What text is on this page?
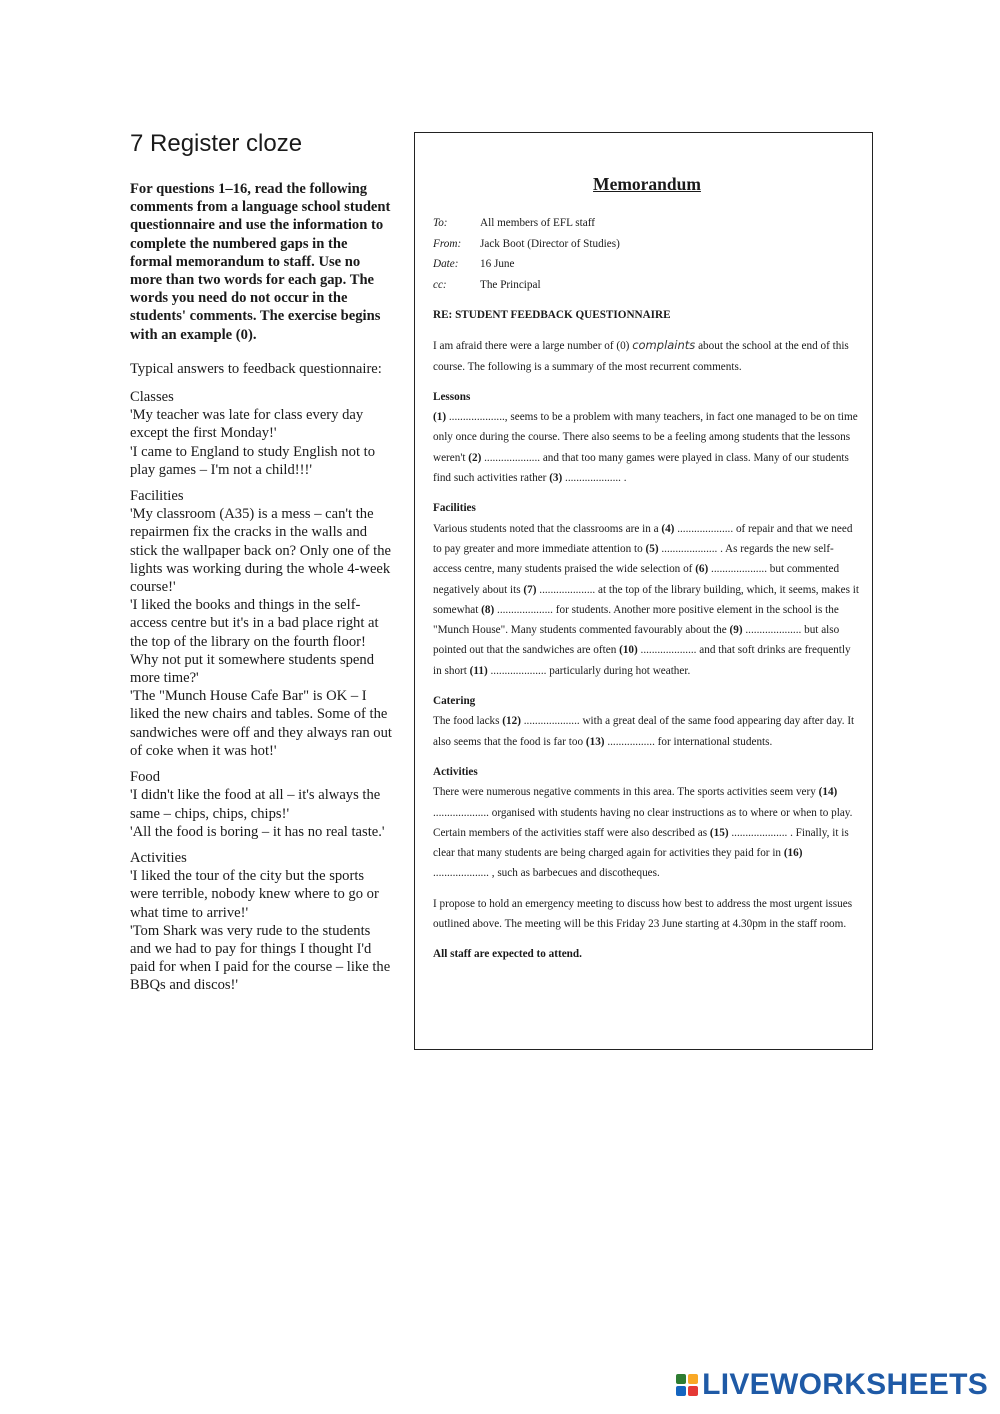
7 Register cloze

For questions 1–16, read the following comments from a language school student questionnaire and use the information to complete the numbered gaps in the formal memorandum to staff. Use no more than two words for each gap. The words you need do not occur in the students' comments. The exercise begins with an example (0).

Typical answers to feedback questionnaire:

Classes
'My teacher was late for class every day except the first Monday!'
'I came to England to study English not to play games – I'm not a child!!!'
Facilities
'My classroom (A35) is a mess – can't the repairmen fix the cracks in the walls and stick the wallpaper back on? Only one of the lights was working during the whole 4-week course!'
'I liked the books and things in the self-access centre but it's in a bad place right at the top of the library on the fourth floor! Why not put it somewhere students spend more time?'
'The "Munch House Cafe Bar" is OK – I liked the new chairs and tables. Some of the sandwiches were off and they always ran out of coke when it was hot!'
Food
'I didn't like the food at all – it's always the same – chips, chips, chips!'
'All the food is boring – it has no real taste.'
Activities
'I liked the tour of the city but the sports were terrible, nobody knew where to go or what time to arrive!'
'Tom Shark was very rude to the students and we had to pay for things I thought I'd paid for when I paid for the course – like the BBQs and discos!'
Memorandum
To:	All members of EFL staff
From:	Jack Boot (Director of Studies)
Date:	16 June
cc:	The Principal
RE: STUDENT FEEDBACK QUESTIONNAIRE

I am afraid there were a large number of (0) complaints about the school at the end of this course. The following is a summary of the most recurrent comments.

Lessons

(1) ...................., seems to be a problem with many teachers, in fact one managed to be on time only once during the course. There also seems to be a feeling among students that the lessons weren't (2) .................... and that too many games were played in class. Many of our students find such activities rather (3) .................... .

Facilities

Various students noted that the classrooms are in a (4) .................... of repair and that we need to pay greater and more immediate attention to (5) .................... . As regards the new self-access centre, many students praised the wide selection of (6) .................... but commented negatively about its (7) .................... at the top of the library building, which, it seems, makes it somewhat (8) .................... for students. Another more positive element in the school is the "Munch House". Many students commented favourably about the (9) .................... but also pointed out that the sandwiches are often (10) .................... and that soft drinks are frequently in short (11) .................... particularly during hot weather.

Catering

The food lacks (12) .................... with a great deal of the same food appearing day after day. It also seems that the food is far too (13) ................. for international students.

Activities

There were numerous negative comments in this area. The sports activities seem very (14) .................... organised with students having no clear instructions as to where or when to play. Certain members of the activities staff were also described as (15) .................... . Finally, it is clear that many students are being charged again for activities they paid for in (16) .................... , such as barbecues and discotheques.

I propose to hold an emergency meeting to discuss how best to address the most urgent issues outlined above. The meeting will be this Friday 23 June starting at 4.30pm in the staff room.

All staff are expected to attend.

LIVEWORKSHEETS
